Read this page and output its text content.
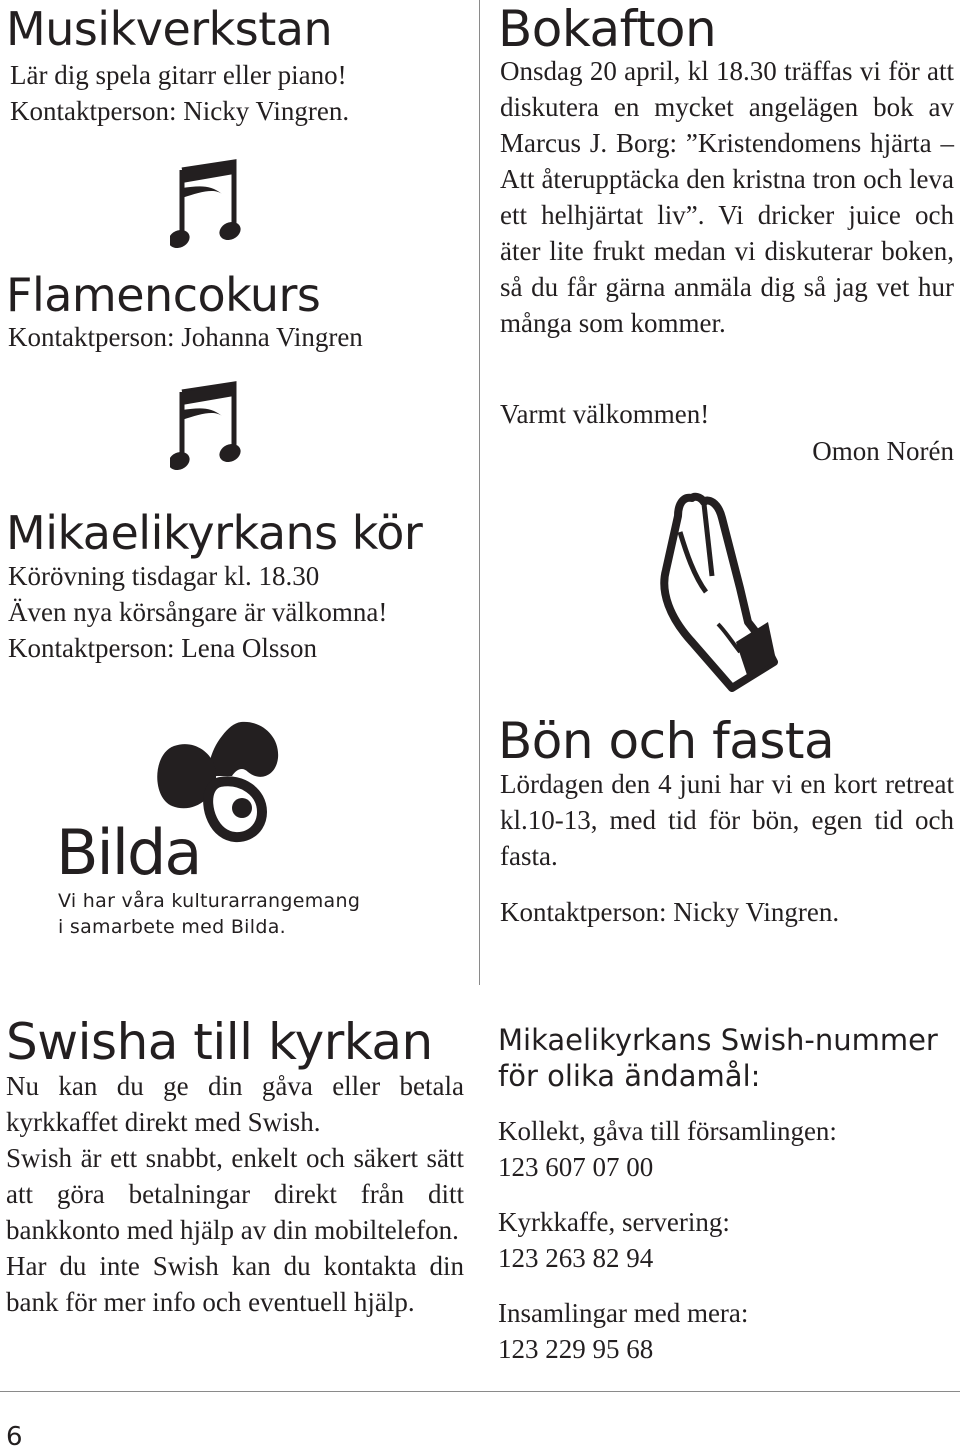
Musikverkstan

Lär dig spela gitarr eller piano!
Kontaktperson: Nicky Vingren.

Flamencokurs

Kontaktperson: Johanna Vingren

Mikaelikyrkans kör

Körövning tisdagar kl. 18.30
Även nya körsångare är välkomna!
Kontaktperson: Lena Olsson

Bilda
Vi har våra kulturarrangemang
i samarbete med Bilda.
Bokafton

Onsdag 20 april, kl 18.30 träffas vi för att diskutera en mycket angelägen bok av Marcus J. Borg: ”Kristendomens hjärta – Att återupptäcka den kristna tron och leva ett helhjärtat liv”. Vi dricker juice och äter lite frukt medan vi diskuterar boken, så du får gärna anmäla dig så jag vet hur många som kommer.

Varmt välkommen!

Omon Norén

Bön och fasta

Lördagen den 4 juni har vi en kort retreat kl.10-13, med tid för bön, egen tid och fasta.

Kontaktperson: Nicky Vingren.

Swisha till kyrkan

Nu kan du ge din gåva eller betala kyrkkaffet direkt med Swish.

Swish är ett snabbt, enkelt och säkert sätt att göra betalningar direkt från ditt bankkonto med hjälp av din mobiltelefon.

Har du inte Swish kan du kontakta din bank för mer info och eventuell hjälp.

Mikaelikyrkans Swish-nummer
för olika ändamål:

Kollekt, gåva till församlingen:

123 607 07 00

Kyrkkaffe, servering:

123 263 82 94

Insamlingar med mera:

123 229 95 68

6
